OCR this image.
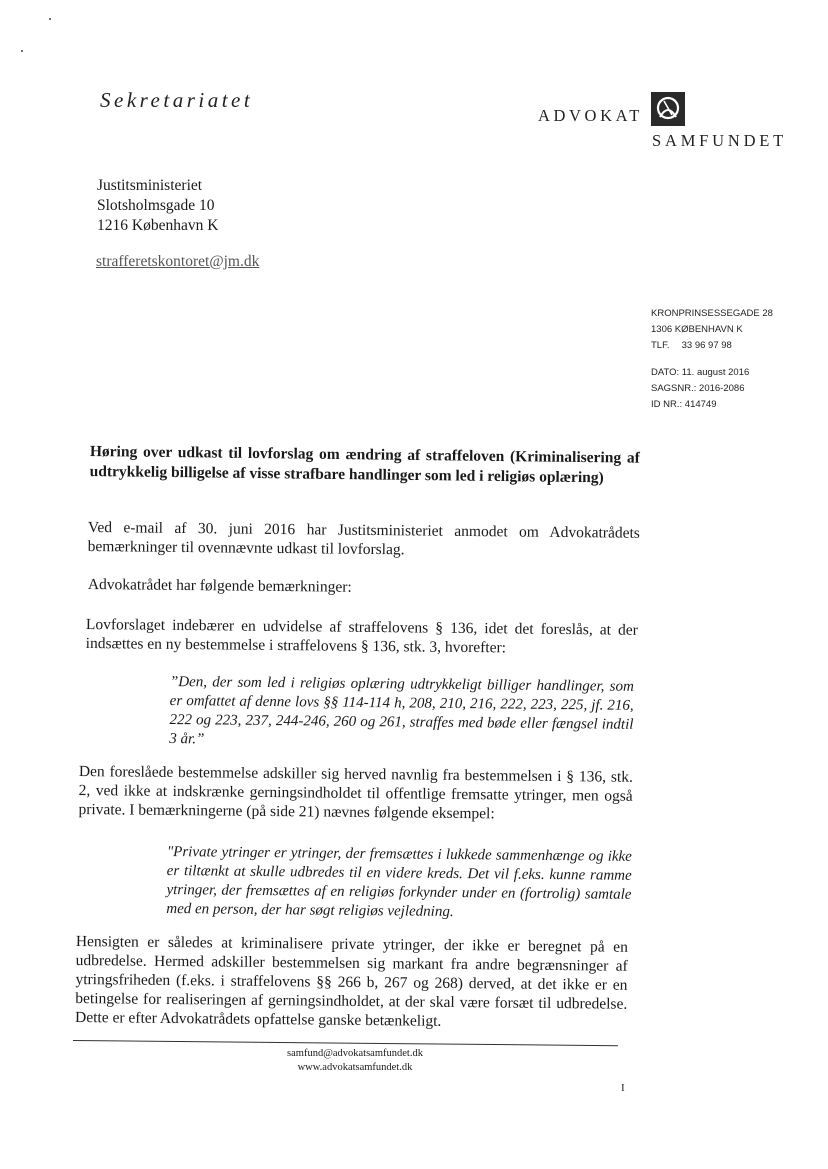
Sekretariatet
ADVOKAT
SAMFUNDET
Justitsministeriet
Slotsholmsgade 10
1216 København K
strafferetskontoret@jm.dk
KRONPRINSESSEGADE 28
1306 KØBENHAVN K
TLF. 33 96 97 98
DATO: 11. august 2016
SAGSNR.: 2016-2086
ID NR.: 414749
Høring over udkast til lovforslag om ændring af straffeloven (Kriminalisering af udtrykkelig billigelse af visse strafbare handlinger som led i religiøs oplæring)
Ved e-mail af 30. juni 2016 har Justitsministeriet anmodet om Advokatrådets bemærkninger til ovennævnte udkast til lovforslag.
Advokatrådet har følgende bemærkninger:
Lovforslaget indebærer en udvidelse af straffelovens § 136, idet det foreslås, at der indsættes en ny bestemmelse i straffelovens § 136, stk. 3, hvorefter:
”Den, der som led i religiøs oplæring udtrykkeligt billiger handlinger, som er omfattet af denne lovs §§ 114-114 h, 208, 210, 216, 222, 223, 225, jf. 216, 222 og 223, 237, 244-246, 260 og 261, straffes med bøde eller fængsel indtil 3 år.”
Den foreslåede bestemmelse adskiller sig herved navnlig fra bestemmelsen i § 136, stk. 2, ved ikke at indskrænke gerningsindholdet til offentlige fremsatte ytringer, men også private. I bemærkningerne (på side 21) nævnes følgende eksempel:
"Private ytringer er ytringer, der fremsættes i lukkede sammenhænge og ikke er tiltænkt at skulle udbredes til en videre kreds. Det vil f.eks. kunne ramme ytringer, der fremsættes af en religiøs forkynder under en (fortrolig) samtale med en person, der har søgt religiøs vejledning.
Hensigten er således at kriminalisere private ytringer, der ikke er beregnet på en udbredelse. Hermed adskiller bestemmelsen sig markant fra andre begrænsninger af ytringsfriheden (f.eks. i straffelovens §§ 266 b, 267 og 268) derved, at det ikke er en betingelse for realiseringen af gerningsindholdet, at der skal være forsæt til udbredelse. Dette er efter Advokatrådets opfattelse ganske betænkeligt.
samfund@advokatsamfundet.dk
www.advokatsamfundet.dk
I
